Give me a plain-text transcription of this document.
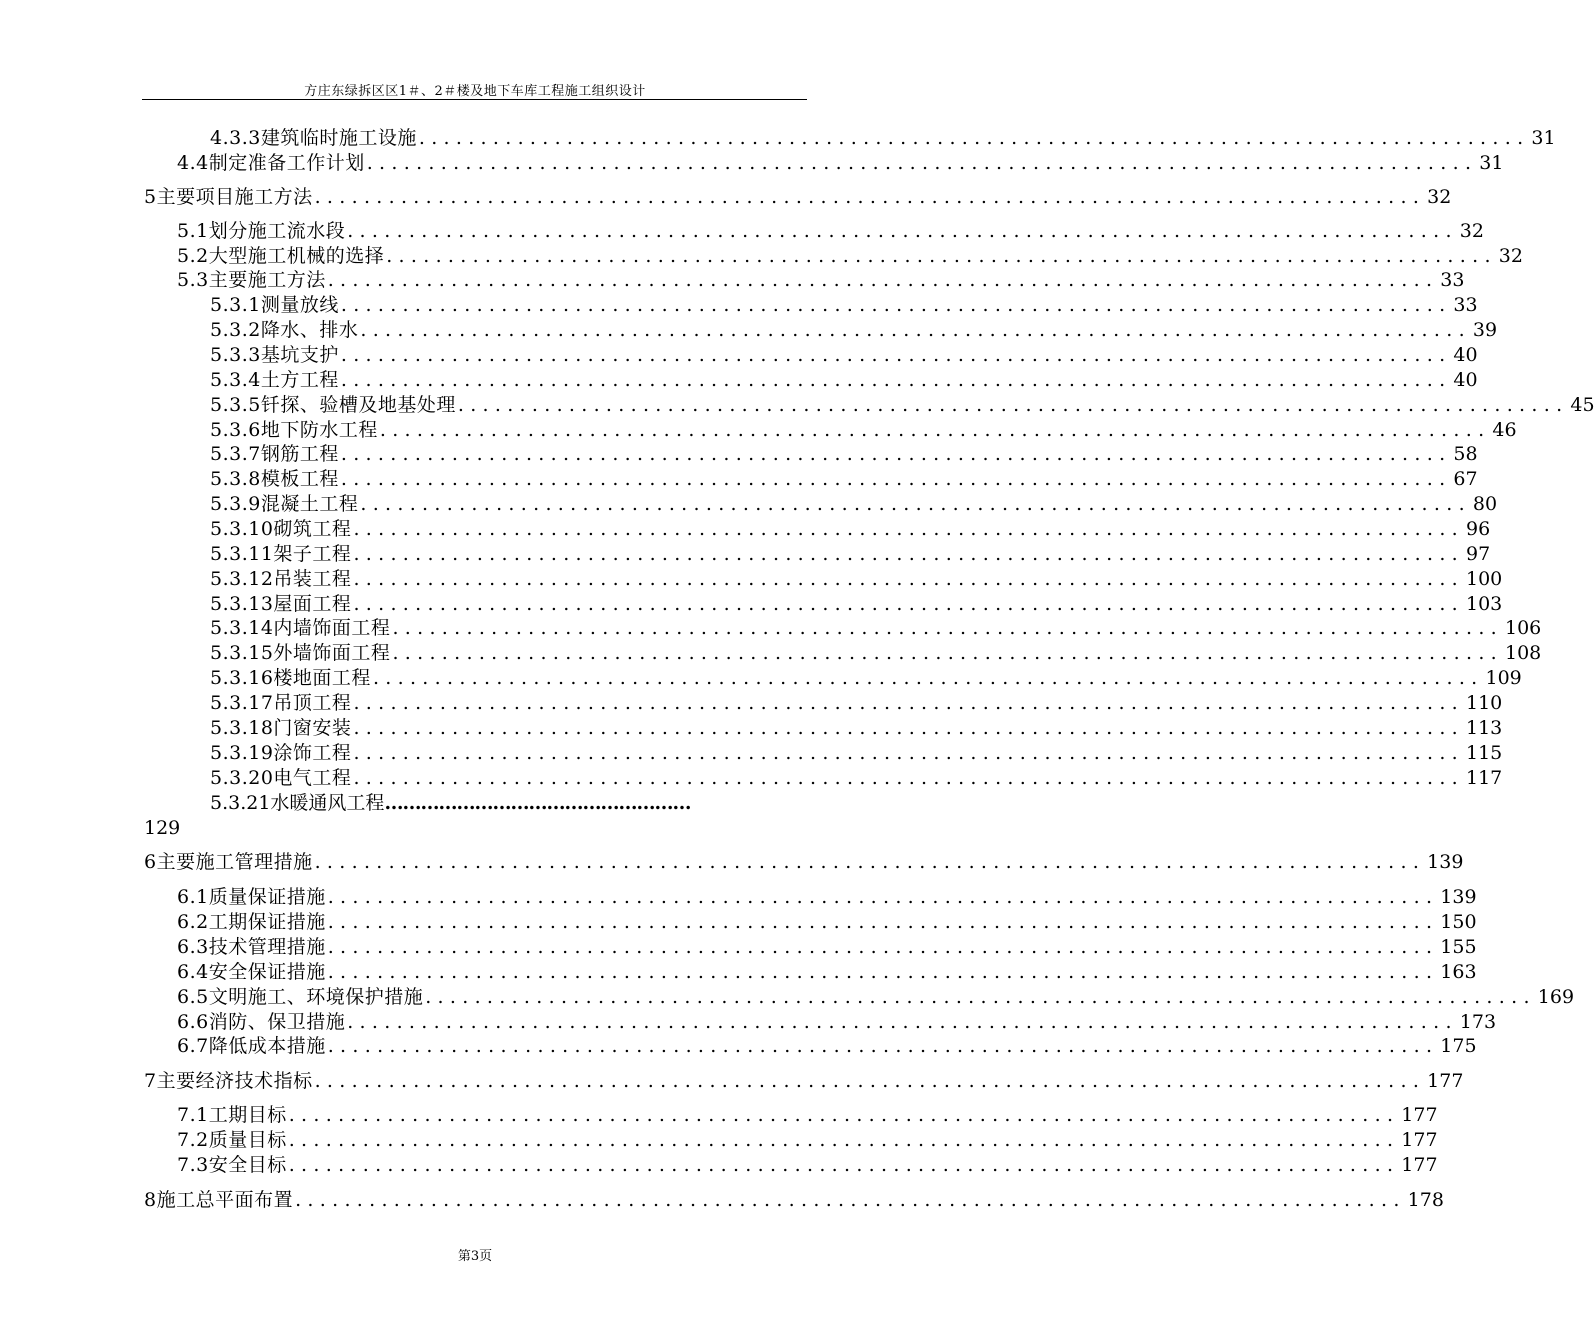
方庄东绿拆区区1＃、2＃楼及地下车库工程施工组织设计
4.3.3建筑临时施工设施 .......................................................................................... 31
4.4制定准备工作计划 .......................................................................................... 31
5主要项目施工方法 .......................................................................................... 32
5.1划分施工流水段 .......................................................................................... 32
5.2大型施工机械的选择 .......................................................................................... 32
5.3主要施工方法 .......................................................................................... 33
5.3.1测量放线 .......................................................................................... 33
5.3.2降水、排水 .......................................................................................... 39
5.3.3基坑支护 .......................................................................................... 40
5.3.4土方工程 .......................................................................................... 40
5.3.5钎探、验槽及地基处理 .......................................................................................... 45
5.3.6地下防水工程 .......................................................................................... 46
5.3.7钢筋工程 .......................................................................................... 58
5.3.8模板工程 .......................................................................................... 67
5.3.9混凝土工程 .......................................................................................... 80
5.3.10砌筑工程 .......................................................................................... 96
5.3.11架子工程 .......................................................................................... 97
5.3.12吊装工程 .......................................................................................... 100
5.3.13屋面工程 .......................................................................................... 103
5.3.14内墙饰面工程 .......................................................................................... 106
5.3.15外墙饰面工程 .......................................................................................... 108
5.3.16楼地面工程 .......................................................................................... 109
5.3.17吊顶工程 .......................................................................................... 110
5.3.18门窗安装 .......................................................................................... 113
5.3.19涂饰工程 .......................................................................................... 115
5.3.20电气工程 .......................................................................................... 117
5.3.21水暖通风工程……………………………………………
129
6主要施工管理措施 .......................................................................................... 139
6.1质量保证措施 .......................................................................................... 139
6.2工期保证措施 .......................................................................................... 150
6.3技术管理措施 .......................................................................................... 155
6.4安全保证措施 .......................................................................................... 163
6.5文明施工、环境保护措施 .......................................................................................... 169
6.6消防、保卫措施 .......................................................................................... 173
6.7降低成本措施 .......................................................................................... 175
7主要经济技术指标 .......................................................................................... 177
7.1工期目标 .......................................................................................... 177
7.2质量目标 .......................................................................................... 177
7.3安全目标 .......................................................................................... 177
8施工总平面布置 .......................................................................................... 178
第3页
